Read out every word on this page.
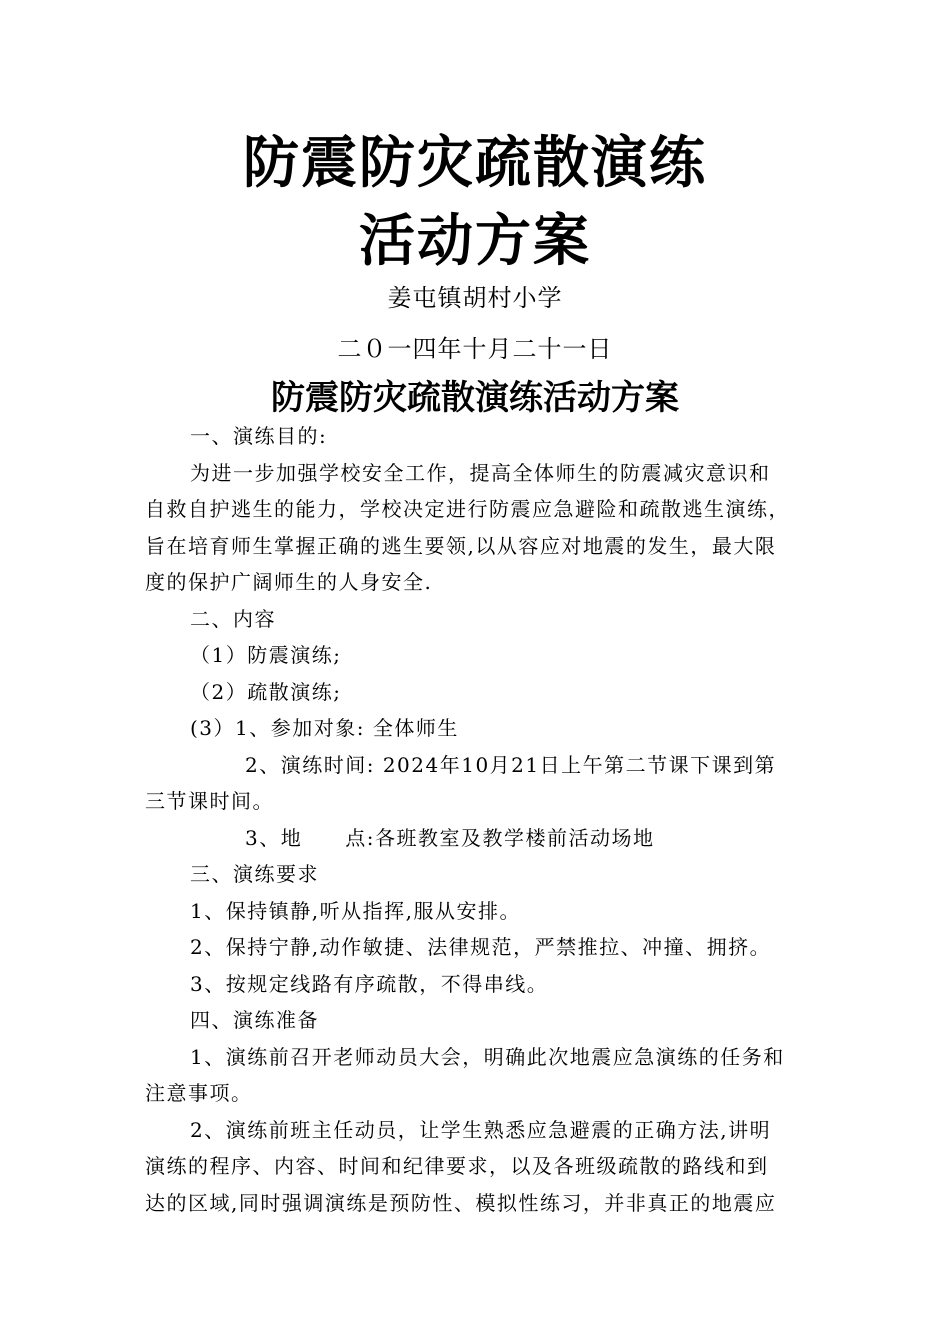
防震防灾疏散演练
活动方案
姜屯镇胡村小学
二０一四年十月二十一日
防震防灾疏散演练活动方案

一、演练目的:

为进一步加强学校安全工作，提高全体师生的防震减灾意识和

自救自护逃生的能力，学校决定进行防震应急避险和疏散逃生演练，

旨在培育师生掌握正确的逃生要领,以从容应对地震的发生，最大限

度的保护广阔师生的人身安全.

二、内容

（1）防震演练;

（2）疏散演练;

(3）1、参加对象: 全体师生

2、演练时间: 2024年10月21日上午第二节课下课到第

三节课时间。

3、地　　点:各班教室及教学楼前活动场地

三、演练要求

1、保持镇静,听从指挥,服从安排。

2、保持宁静,动作敏捷、法律规范，严禁推拉、冲撞、拥挤。

3、按规定线路有序疏散，不得串线。

四、演练准备

1、演练前召开老师动员大会，明确此次地震应急演练的任务和

注意事项。

2、演练前班主任动员，让学生熟悉应急避震的正确方法,讲明

演练的程序、内容、时间和纪律要求，以及各班级疏散的路线和到

达的区域,同时强调演练是预防性、模拟性练习，并非真正的地震应
